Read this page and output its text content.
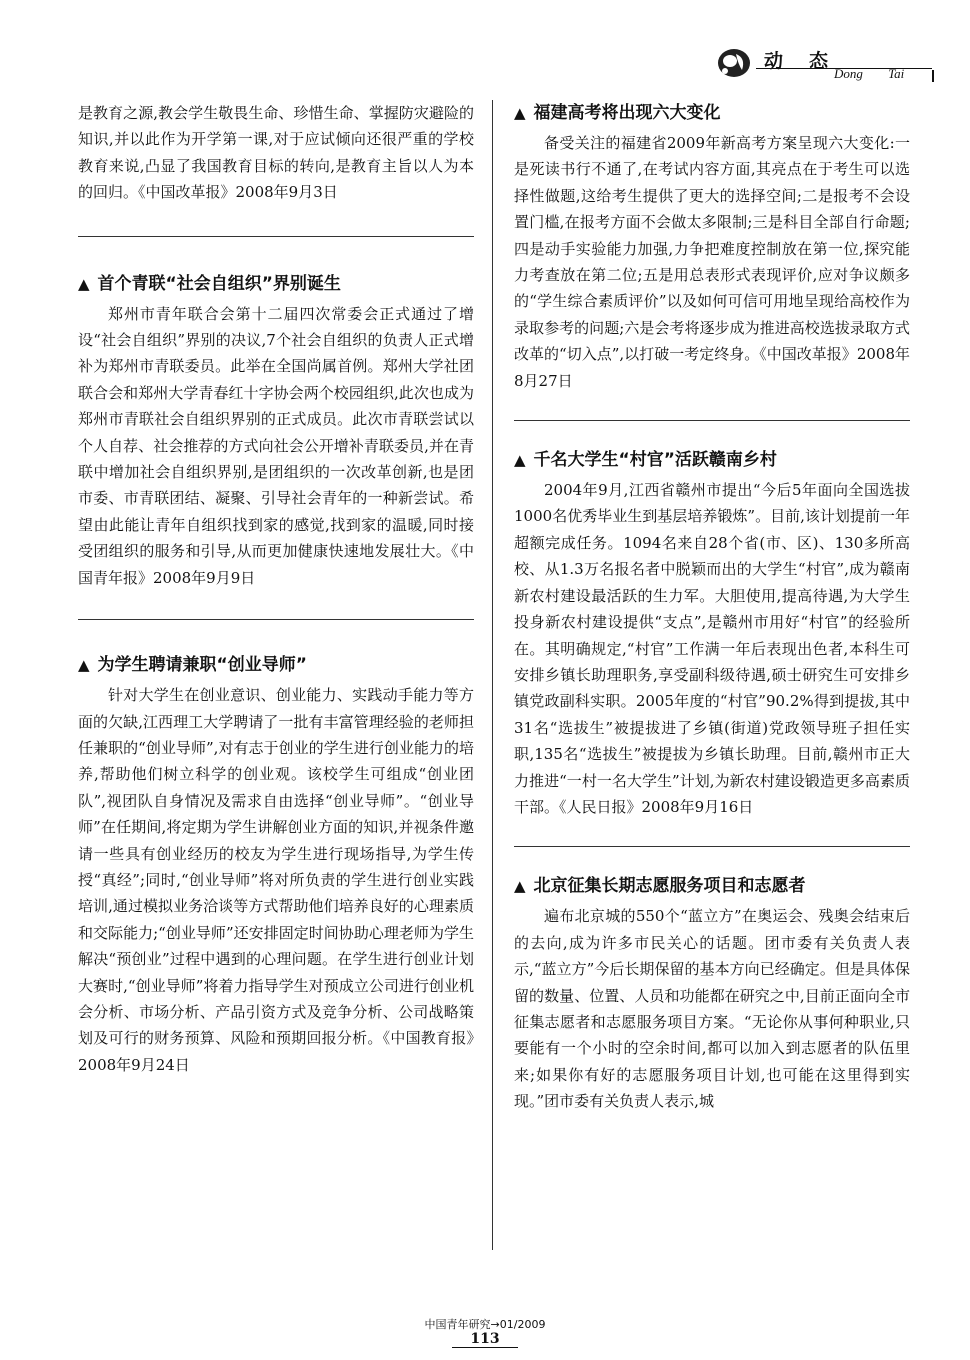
动态
Dong Tai

是教育之源,教会学生敬畏生命、珍惜生命、掌握防灾避险的知识,并以此作为开学第一课,对于应试倾向还很严重的学校教育来说,凸显了我国教育目标的转向,是教育主旨以人为本的回归。《中国改革报》2008年9月3日

▲ 首个青联“社会自组织”界别诞生

郑州市青年联合会第十二届四次常委会正式通过了增设“社会自组织”界别的决议,7个社会自组织的负责人正式增补为郑州市青联委员。此举在全国尚属首例。郑州大学社团联合会和郑州大学青春红十字协会两个校园组织,此次也成为郑州市青联社会自组织界别的正式成员。此次市青联尝试以个人自荐、社会推荐的方式向社会公开增补青联委员,并在青联中增加社会自组织界别,是团组织的一次改革创新,也是团市委、市青联团结、凝聚、引导社会青年的一种新尝试。希望由此能让青年自组织找到家的感觉,找到家的温暖,同时接受团组织的服务和引导,从而更加健康快速地发展壮大。《中国青年报》2008年9月9日

▲ 为学生聘请兼职“创业导师”

针对大学生在创业意识、创业能力、实践动手能力等方面的欠缺,江西理工大学聘请了一批有丰富管理经验的老师担任兼职的“创业导师”,对有志于创业的学生进行创业能力的培养,帮助他们树立科学的创业观。该校学生可组成“创业团队”,视团队自身情况及需求自由选择“创业导师”。“创业导师”在任期间,将定期为学生讲解创业方面的知识,并视条件邀请一些具有创业经历的校友为学生进行现场指导,为学生传授“真经”;同时,“创业导师”将对所负责的学生进行创业实践培训,通过模拟业务洽谈等方式帮助他们培养良好的心理素质和交际能力;“创业导师”还安排固定时间协助心理老师为学生解决“预创业”过程中遇到的心理问题。在学生进行创业计划大赛时,“创业导师”将着力指导学生对预成立公司进行创业机会分析、市场分析、产品引资方式及竞争分析、公司战略策划及可行的财务预算、风险和预期回报分析。《中国教育报》2008年9月24日

▲ 福建高考将出现六大变化

备受关注的福建省2009年新高考方案呈现六大变化:一是死读书行不通了,在考试内容方面,其亮点在于考生可以选择性做题,这给考生提供了更大的选择空间;二是报考不会设置门槛,在报考方面不会做太多限制;三是科目全部自行命题;四是动手实验能力加强,力争把难度控制放在第一位,探究能力考查放在第二位;五是用总表形式表现评价,应对争议颇多的“学生综合素质评价”以及如何可信可用地呈现给高校作为录取参考的问题;六是会考将逐步成为推进高校选拔录取方式改革的“切入点”,以打破一考定终身。《中国改革报》2008年8月27日

▲ 千名大学生“村官”活跃赣南乡村

2004年9月,江西省赣州市提出“今后5年面向全国选拔1000名优秀毕业生到基层培养锻炼”。目前,该计划提前一年超额完成任务。1094名来自28个省(市、区)、130多所高校、从1.3万名报名者中脱颖而出的大学生“村官”,成为赣南新农村建设最活跃的生力军。大胆使用,提高待遇,为大学生投身新农村建设提供“支点”,是赣州市用好“村官”的经验所在。其明确规定,“村官”工作满一年后表现出色者,本科生可安排乡镇长助理职务,享受副科级待遇,硕士研究生可安排乡镇党政副科实职。2005年度的“村官”90.2%得到提拔,其中31名“选拔生”被提拔进了乡镇(街道)党政领导班子担任实职,135名“选拔生”被提拔为乡镇长助理。目前,赣州市正大力推进“一村一名大学生”计划,为新农村建设锻造更多高素质干部。《人民日报》2008年9月16日

▲ 北京征集长期志愿服务项目和志愿者

遍布北京城的550个“蓝立方”在奥运会、残奥会结束后的去向,成为许多市民关心的话题。团市委有关负责人表示,“蓝立方”今后长期保留的基本方向已经确定。但是具体保留的数量、位置、人员和功能都在研究之中,目前正面向全市征集志愿者和志愿服务项目方案。“无论你从事何种职业,只要能有一个小时的空余时间,都可以加入到志愿者的队伍里来;如果你有好的志愿服务项目计划,也可能在这里得到实现。”团市委有关负责人表示,城

中国青年研究→01/2009
113
